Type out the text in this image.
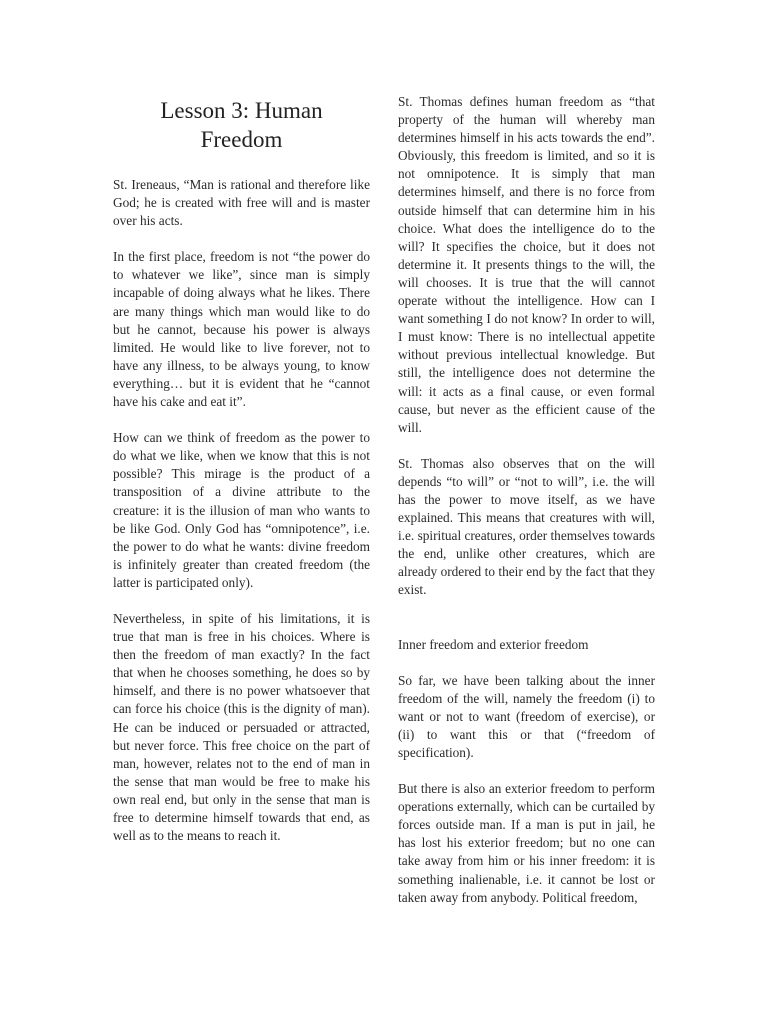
Lesson 3: Human
Freedom

St. Ireneaus, “Man is rational and therefore like God; he is created with free will and is master over his acts.

In the first place, freedom is not “the power do to whatever we like”, since man is simply incapable of doing always what he likes. There are many things which man would like to do but he cannot, because his power is always limited. He would like to live forever, not to have any illness, to be always young, to know everything… but it is evident that he “cannot have his cake and eat it”.

How can we think of freedom as the power to do what we like, when we know that this is not possible? This mirage is the product of a transposition of a divine attribute to the creature: it is the illusion of man who wants to be like God. Only God has “omnipotence”, i.e. the power to do what he wants: divine freedom is infinitely greater than created freedom (the latter is participated only).

Nevertheless, in spite of his limitations, it is true that man is free in his choices. Where is then the freedom of man exactly? In the fact that when he chooses something, he does so by himself, and there is no power whatsoever that can force his choice (this is the dignity of man). He can be induced or persuaded or attracted, but never force. This free choice on the part of man, however, relates not to the end of man in the sense that man would be free to make his own real end, but only in the sense that man is free to determine himself towards that end, as well as to the means to reach it.

St. Thomas defines human freedom as “that property of the human will whereby man determines himself in his acts towards the end”. Obviously, this freedom is limited, and so it is not omnipotence. It is simply that man determines himself, and there is no force from outside himself that can determine him in his choice. What does the intelligence do to the will? It specifies the choice, but it does not determine it. It presents things to the will, the will chooses. It is true that the will cannot operate without the intelligence. How can I want something I do not know? In order to will, I must know: There is no intellectual appetite without previous intellectual knowledge. But still, the intelligence does not determine the will: it acts as a final cause, or even formal cause, but never as the efficient cause of the will.

St. Thomas also observes that on the will depends “to will” or “not to will”, i.e. the will has the power to move itself, as we have explained. This means that creatures with will, i.e. spiritual creatures, order themselves towards the end, unlike other creatures, which are already ordered to their end by the fact that they exist.

Inner freedom and exterior freedom

So far, we have been talking about the inner freedom of the will, namely the freedom (i) to want or not to want (freedom of exercise), or (ii) to want this or that (“freedom of specification).

But there is also an exterior freedom to perform operations externally, which can be curtailed by forces outside man. If a man is put in jail, he has lost his exterior freedom; but no one can take away from him or his inner freedom: it is something inalienable, i.e. it cannot be lost or taken away from anybody. Political freedom,
